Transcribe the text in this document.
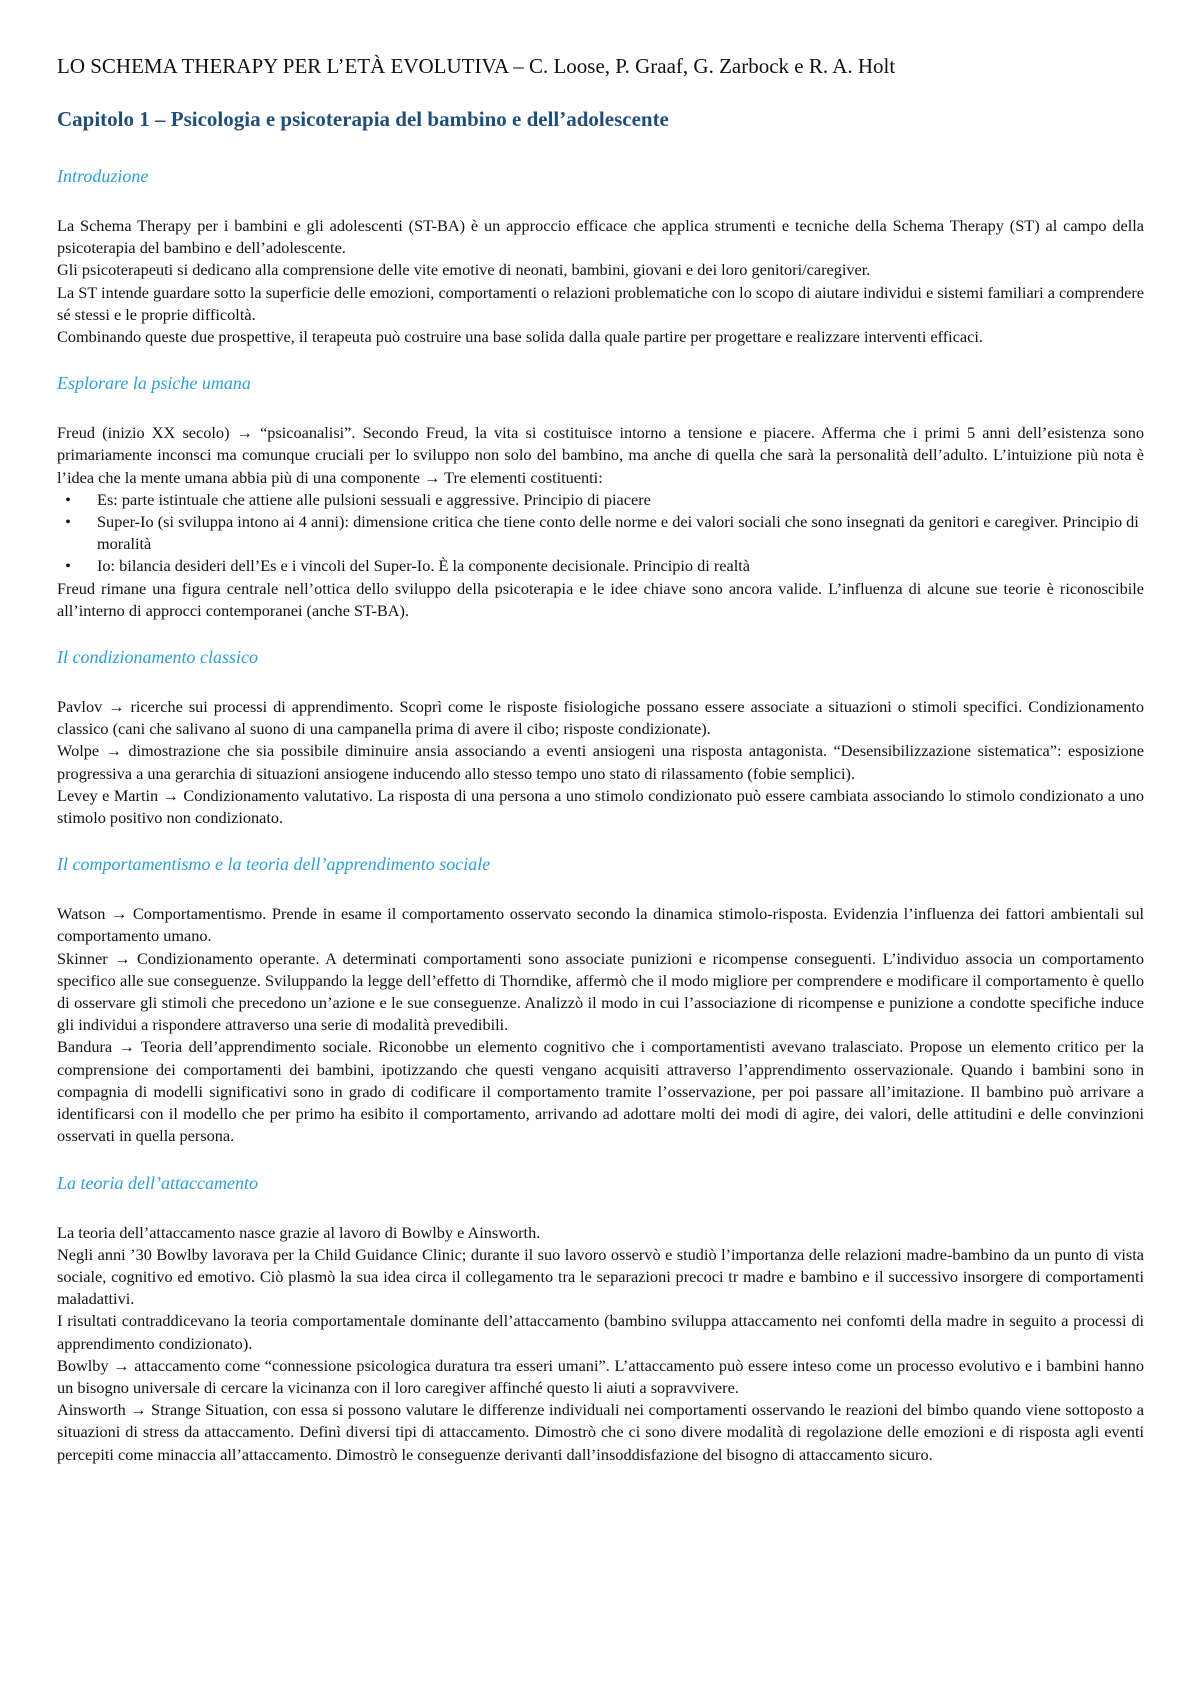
LO SCHEMA THERAPY PER L’ETÀ EVOLUTIVA – C. Loose, P. Graaf, G. Zarbock e R. A. Holt
Capitolo 1 – Psicologia e psicoterapia del bambino e dell’adolescente
Introduzione

La Schema Therapy per i bambini e gli adolescenti (ST-BA) è un approccio efficace che applica strumenti e tecniche della Schema Therapy (ST) al campo della psicoterapia del bambino e dell’adolescente.

Gli psicoterapeuti si dedicano alla comprensione delle vite emotive di neonati, bambini, giovani e dei loro genitori/caregiver.

La ST intende guardare sotto la superficie delle emozioni, comportamenti o relazioni problematiche con lo scopo di aiutare individui e sistemi familiari a comprendere sé stessi e le proprie difficoltà.

Combinando queste due prospettive, il terapeuta può costruire una base solida dalla quale partire per progettare e realizzare interventi efficaci.

Esplorare la psiche umana

Freud (inizio XX secolo) → “psicoanalisi”. Secondo Freud, la vita si costituisce intorno a tensione e piacere. Afferma che i primi 5 anni dell’esistenza sono primariamente inconsci ma comunque cruciali per lo sviluppo non solo del bambino, ma anche di quella che sarà la personalità dell’adulto. L’intuizione più nota è l’idea che la mente umana abbia più di una componente → Tre elementi costituenti:

• Es: parte istintuale che attiene alle pulsioni sessuali e aggressive. Principio di piacere
• Super-Io (si sviluppa intono ai 4 anni): dimensione critica che tiene conto delle norme e dei valori sociali che sono insegnati da genitori e caregiver. Principio di moralità
• Io: bilancia desideri dell’Es e i vincoli del Super-Io. È la componente decisionale. Principio di realtà

Freud rimane una figura centrale nell’ottica dello sviluppo della psicoterapia e le idee chiave sono ancora valide. L’influenza di alcune sue teorie è riconoscibile all’interno di approcci contemporanei (anche ST-BA).

Il condizionamento classico

Pavlov → ricerche sui processi di apprendimento. Scoprì come le risposte fisiologiche possano essere associate a situazioni o stimoli specifici. Condizionamento classico (cani che salivano al suono di una campanella prima di avere il cibo; risposte condizionate).

Wolpe → dimostrazione che sia possibile diminuire ansia associando a eventi ansiogeni una risposta antagonista. “Desensibilizzazione sistematica”: esposizione progressiva a una gerarchia di situazioni ansiogene inducendo allo stesso tempo uno stato di rilassamento (fobie semplici).

Levey e Martin → Condizionamento valutativo. La risposta di una persona a uno stimolo condizionato può essere cambiata associando lo stimolo condizionato a uno stimolo positivo non condizionato.

Il comportamentismo e la teoria dell’apprendimento sociale

Watson → Comportamentismo. Prende in esame il comportamento osservato secondo la dinamica stimolo-risposta. Evidenzia l’influenza dei fattori ambientali sul comportamento umano.

Skinner → Condizionamento operante. A determinati comportamenti sono associate punizioni e ricompense conseguenti. L’individuo associa un comportamento specifico alle sue conseguenze. Sviluppando la legge dell’effetto di Thorndike, affermò che il modo migliore per comprendere e modificare il comportamento è quello di osservare gli stimoli che precedono un’azione e le sue conseguenze. Analizzò il modo in cui l’associazione di ricompense e punizione a condotte specifiche induce gli individui a rispondere attraverso una serie di modalità prevedibili.

Bandura → Teoria dell’apprendimento sociale. Riconobbe un elemento cognitivo che i comportamentisti avevano tralasciato. Propose un elemento critico per la comprensione dei comportamenti dei bambini, ipotizzando che questi vengano acquisiti attraverso l’apprendimento osservazionale. Quando i bambini sono in compagnia di modelli significativi sono in grado di codificare il comportamento tramite l’osservazione, per poi passare all’imitazione. Il bambino può arrivare a identificarsi con il modello che per primo ha esibito il comportamento, arrivando ad adottare molti dei modi di agire, dei valori, delle attitudini e delle convinzioni osservati in quella persona.

La teoria dell’attaccamento

La teoria dell’attaccamento nasce grazie al lavoro di Bowlby e Ainsworth.

Negli anni ’30 Bowlby lavorava per la Child Guidance Clinic; durante il suo lavoro osservò e studiò l’importanza delle relazioni madre-bambino da un punto di vista sociale, cognitivo ed emotivo. Ciò plasmò la sua idea circa il collegamento tra le separazioni precoci tr madre e bambino e il successivo insorgere di comportamenti maladattivi.

I risultati contraddicevano la teoria comportamentale dominante dell’attaccamento (bambino sviluppa attaccamento nei confomti della madre in seguito a processi di apprendimento condizionato).

Bowlby → attaccamento come “connessione psicologica duratura tra esseri umani”. L’attaccamento può essere inteso come un processo evolutivo e i bambini hanno un bisogno universale di cercare la vicinanza con il loro caregiver affinché questo li aiuti a sopravvivere.

Ainsworth → Strange Situation, con essa si possono valutare le differenze individuali nei comportamenti osservando le reazioni del bimbo quando viene sottoposto a situazioni di stress da attaccamento. Definì diversi tipi di attaccamento. Dimostrò che ci sono divere modalità di regolazione delle emozioni e di risposta agli eventi percepiti come minaccia all’attaccamento. Dimostrò le conseguenze derivanti dall’insoddisfazione del bisogno di attaccamento sicuro.
